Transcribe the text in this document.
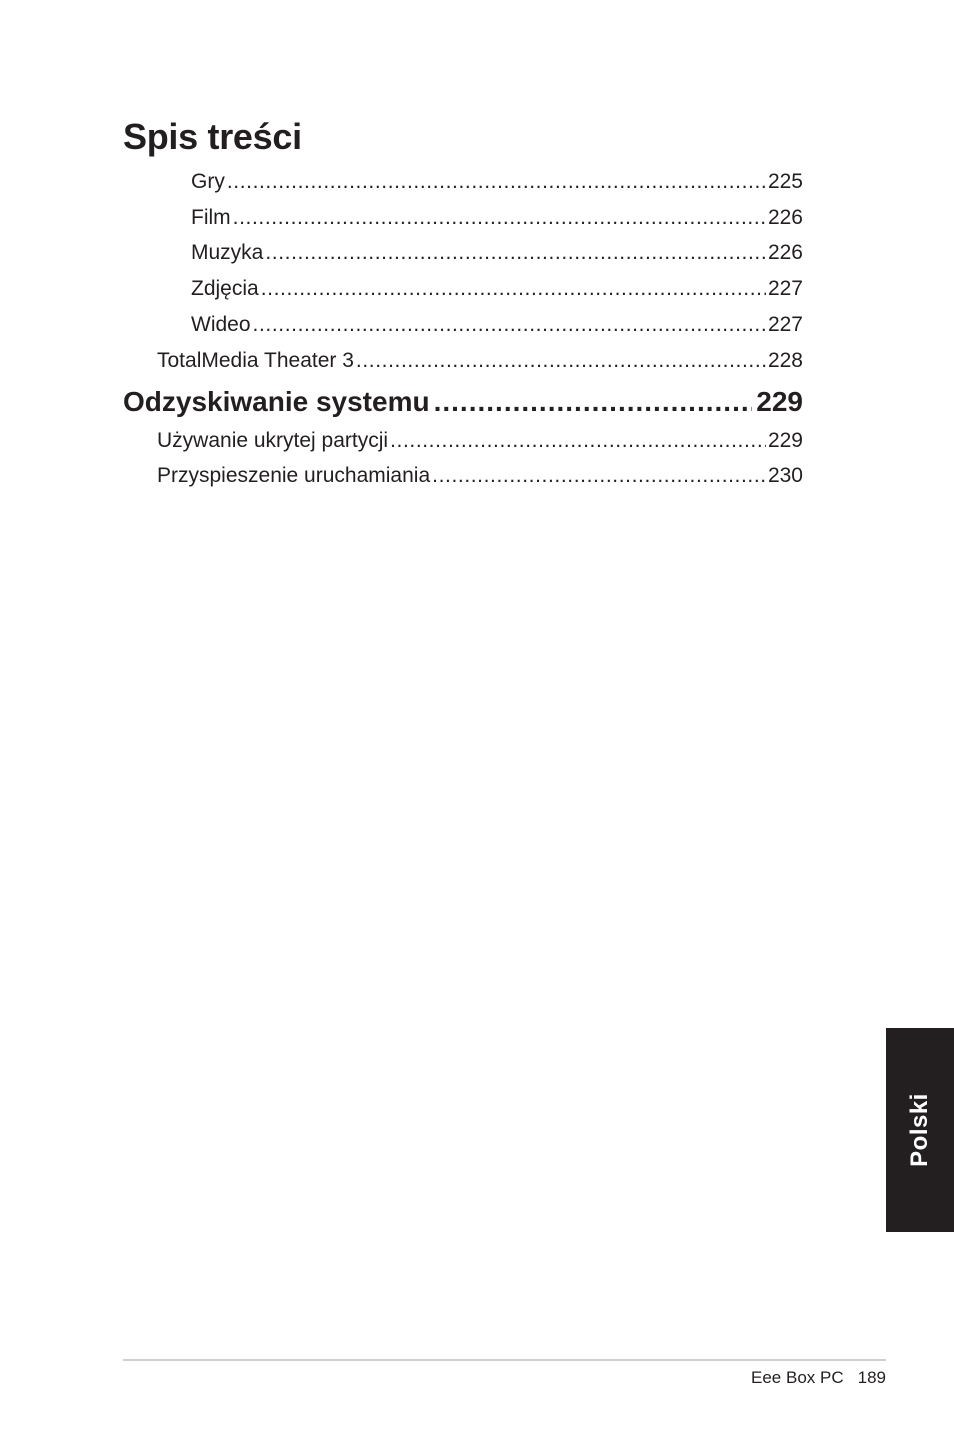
Spis treści
Gry .....	225
Film .....	226
Muzyka .....	226
Zdjęcia .....	227
Wideo .....	227
TotalMedia Theater 3 .....	228
Odzyskiwanie systemu .....	229
Używanie ukrytej partycji .....	229
Przyspieszenie uruchamiania .....	230
Polski
Eee Box PC 189
